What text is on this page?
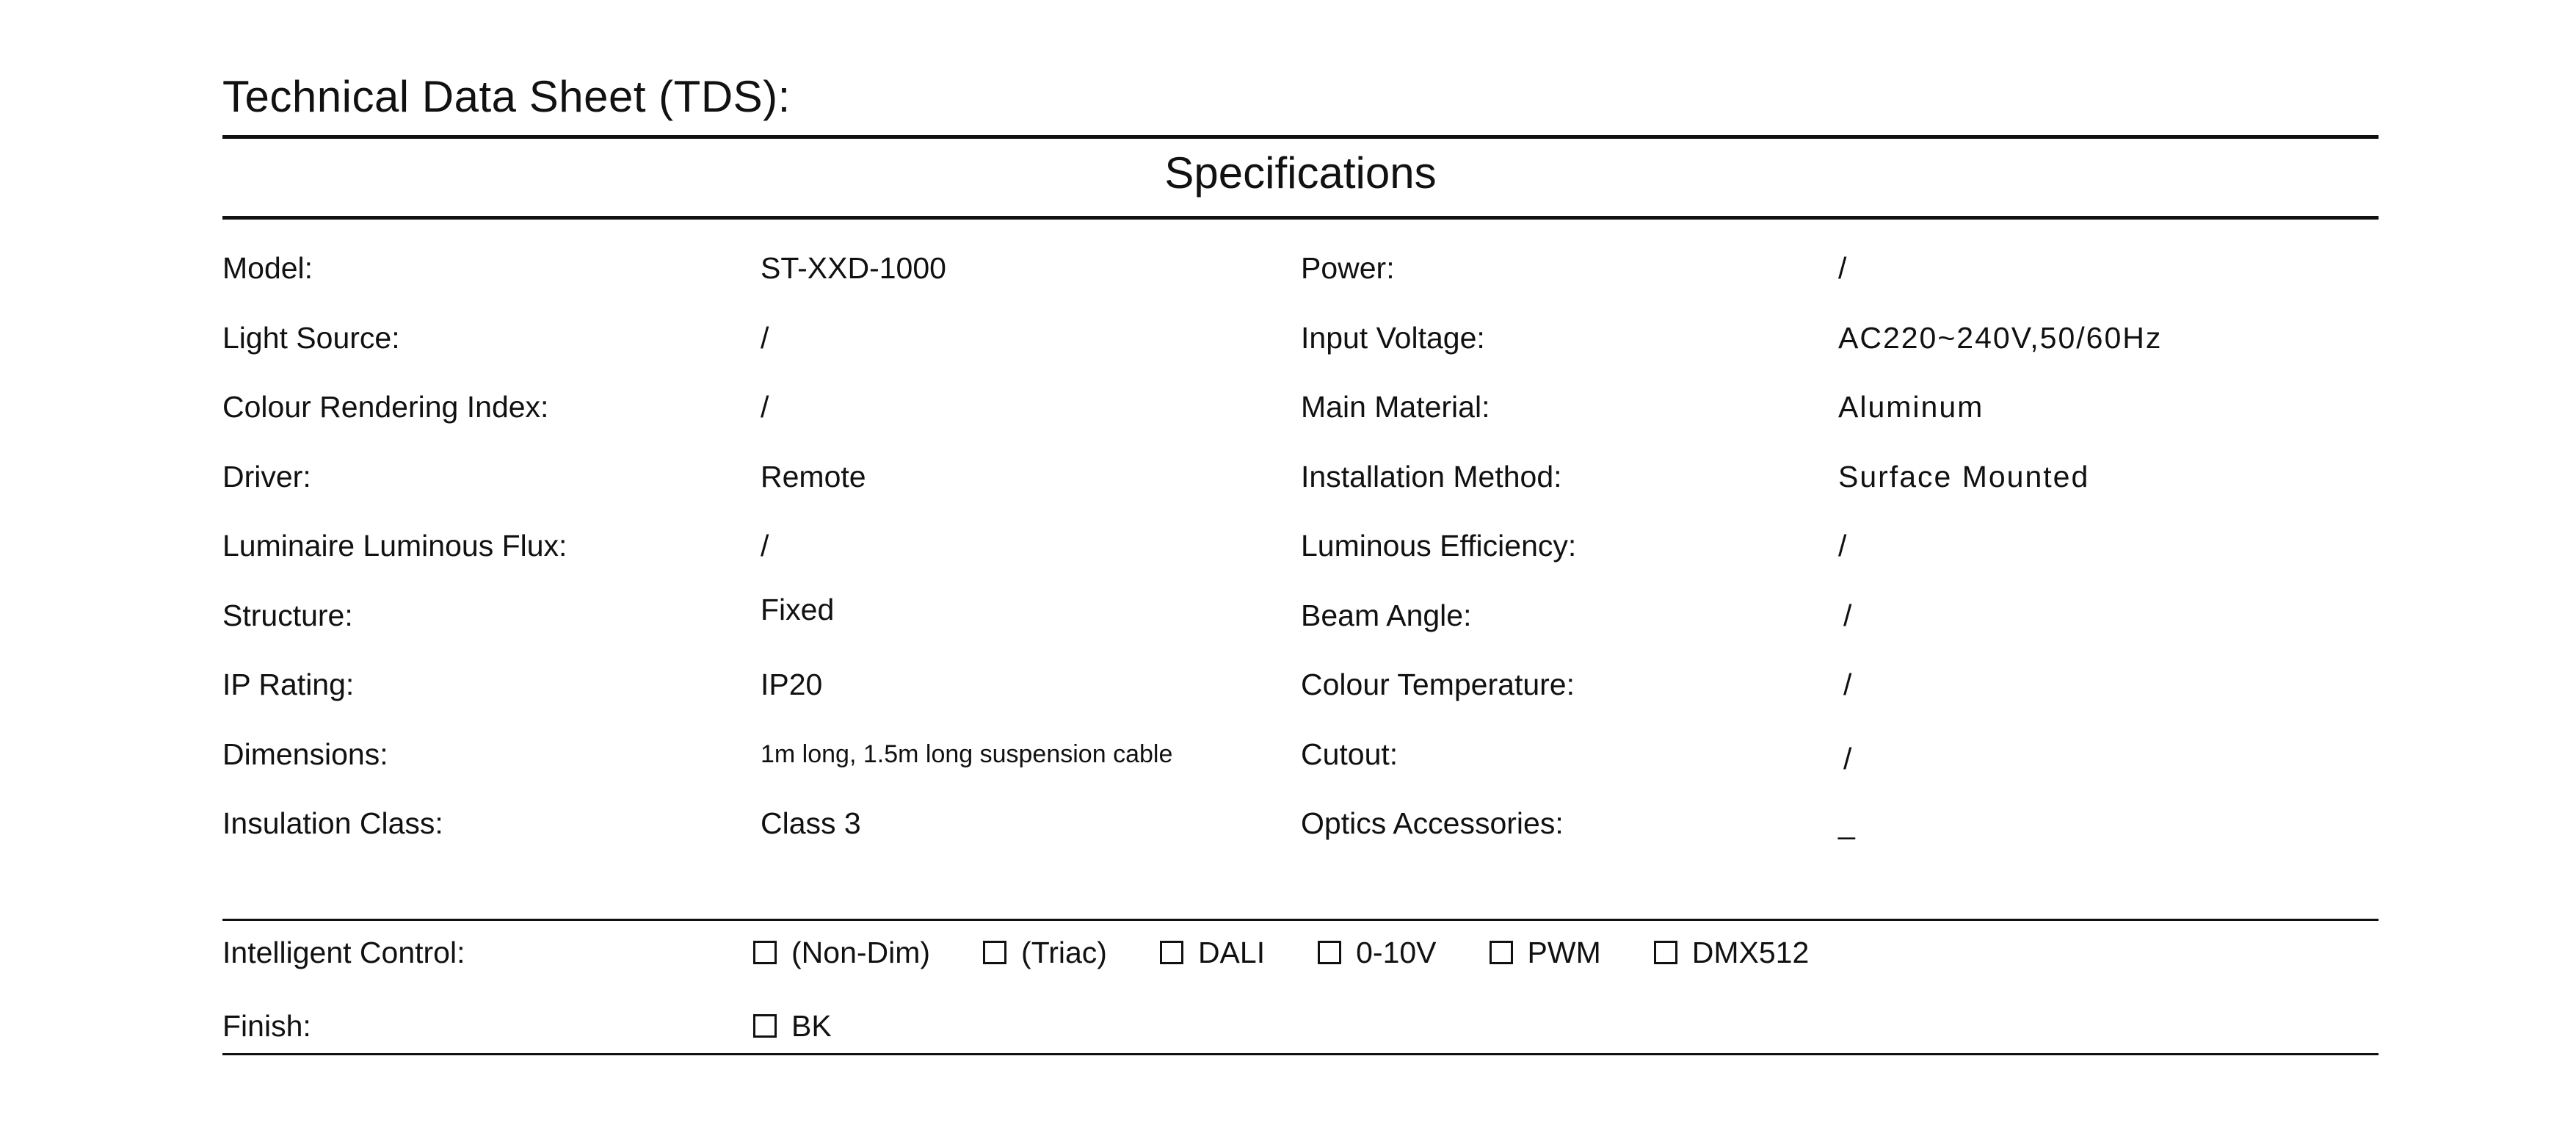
Technical Data Sheet (TDS):
Specifications
Model:	ST-XXD-1000	Power:	/
Light Source:	/	Input Voltage:	AC220~240V,50/60Hz
Colour Rendering Index:	/	Main Material:	Aluminum
Driver:	Remote	Installation Method:	Surface Mounted
Luminaire Luminous Flux:	/	Luminous Efficiency:	/
Structure:	Fixed	Beam Angle:	/
IP Rating:	IP20	Colour Temperature:	/
Dimensions:	1m long, 1.5m long suspension cable	Cutout:	/
Insulation Class:	Class 3	Optics Accessories:	_
Intelligent Control:	(Non-Dim)	(Triac)	DALI	0-10V	PWM	DMX512
Finish:	BK
